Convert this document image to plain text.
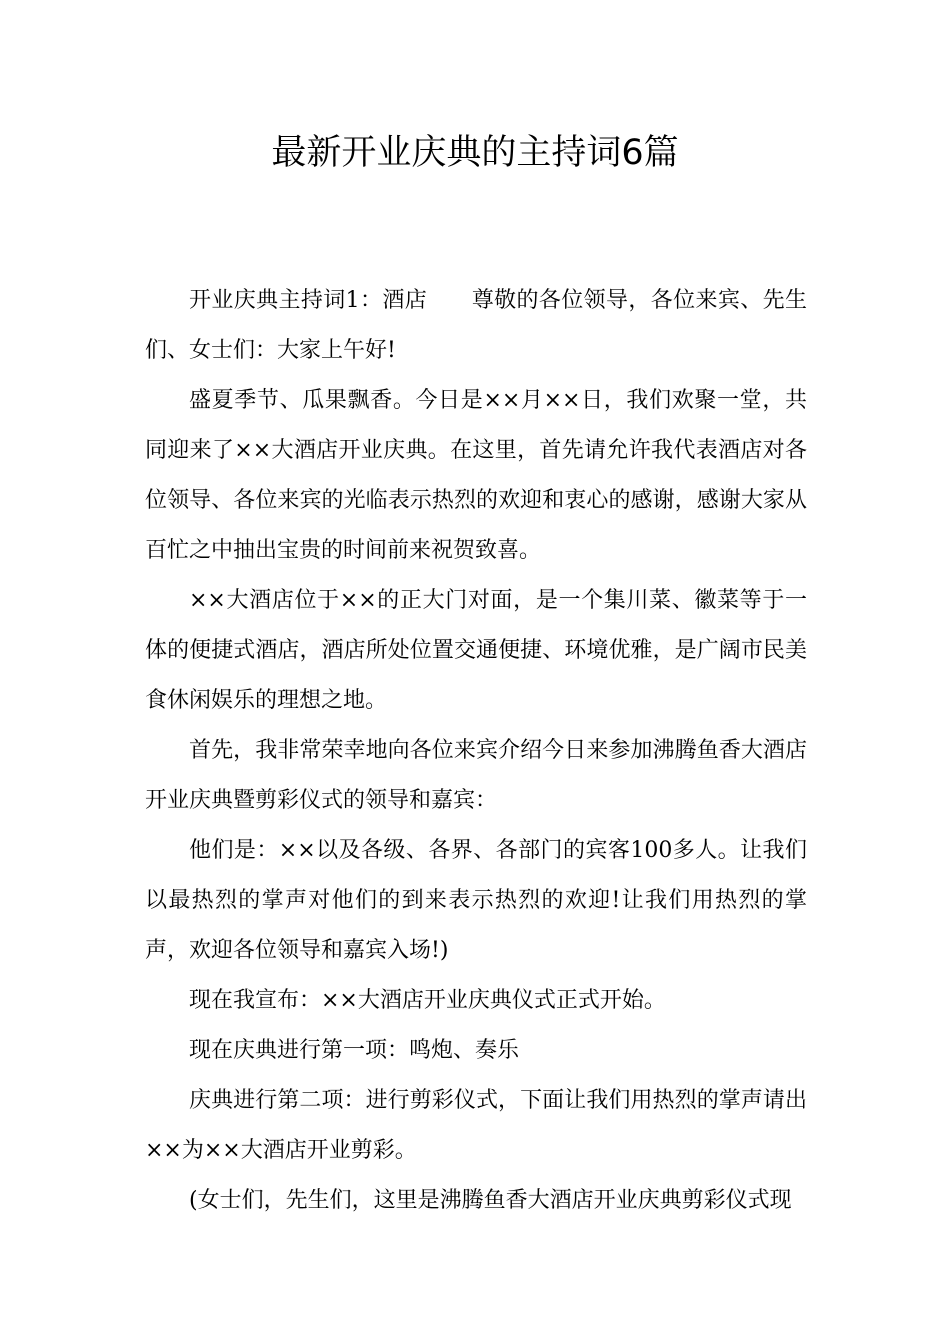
最新开业庆典的主持词6篇

开业庆典主持词1：酒店　　尊敬的各位领导，各位来宾、先生们、女士们：大家上午好!

盛夏季节、瓜果飘香。今日是××月××日，我们欢聚一堂，共同迎来了××大酒店开业庆典。在这里，首先请允许我代表酒店对各位领导、各位来宾的光临表示热烈的欢迎和衷心的感谢，感谢大家从百忙之中抽出宝贵的时间前来祝贺致喜。

××大酒店位于××的正大门对面，是一个集川菜、徽菜等于一体的便捷式酒店，酒店所处位置交通便捷、环境优雅，是广阔市民美食休闲娱乐的理想之地。

首先，我非常荣幸地向各位来宾介绍今日来参加沸腾鱼香大酒店开业庆典暨剪彩仪式的领导和嘉宾：

他们是：××以及各级、各界、各部门的宾客100多人。让我们以最热烈的掌声对他们的到来表示热烈的欢迎!让我们用热烈的掌声，欢迎各位领导和嘉宾入场!)

现在我宣布：××大酒店开业庆典仪式正式开始。

现在庆典进行第一项：鸣炮、奏乐

庆典进行第二项：进行剪彩仪式，下面让我们用热烈的掌声请出××为××大酒店开业剪彩。

(女士们，先生们，这里是沸腾鱼香大酒店开业庆典剪彩仪式现
